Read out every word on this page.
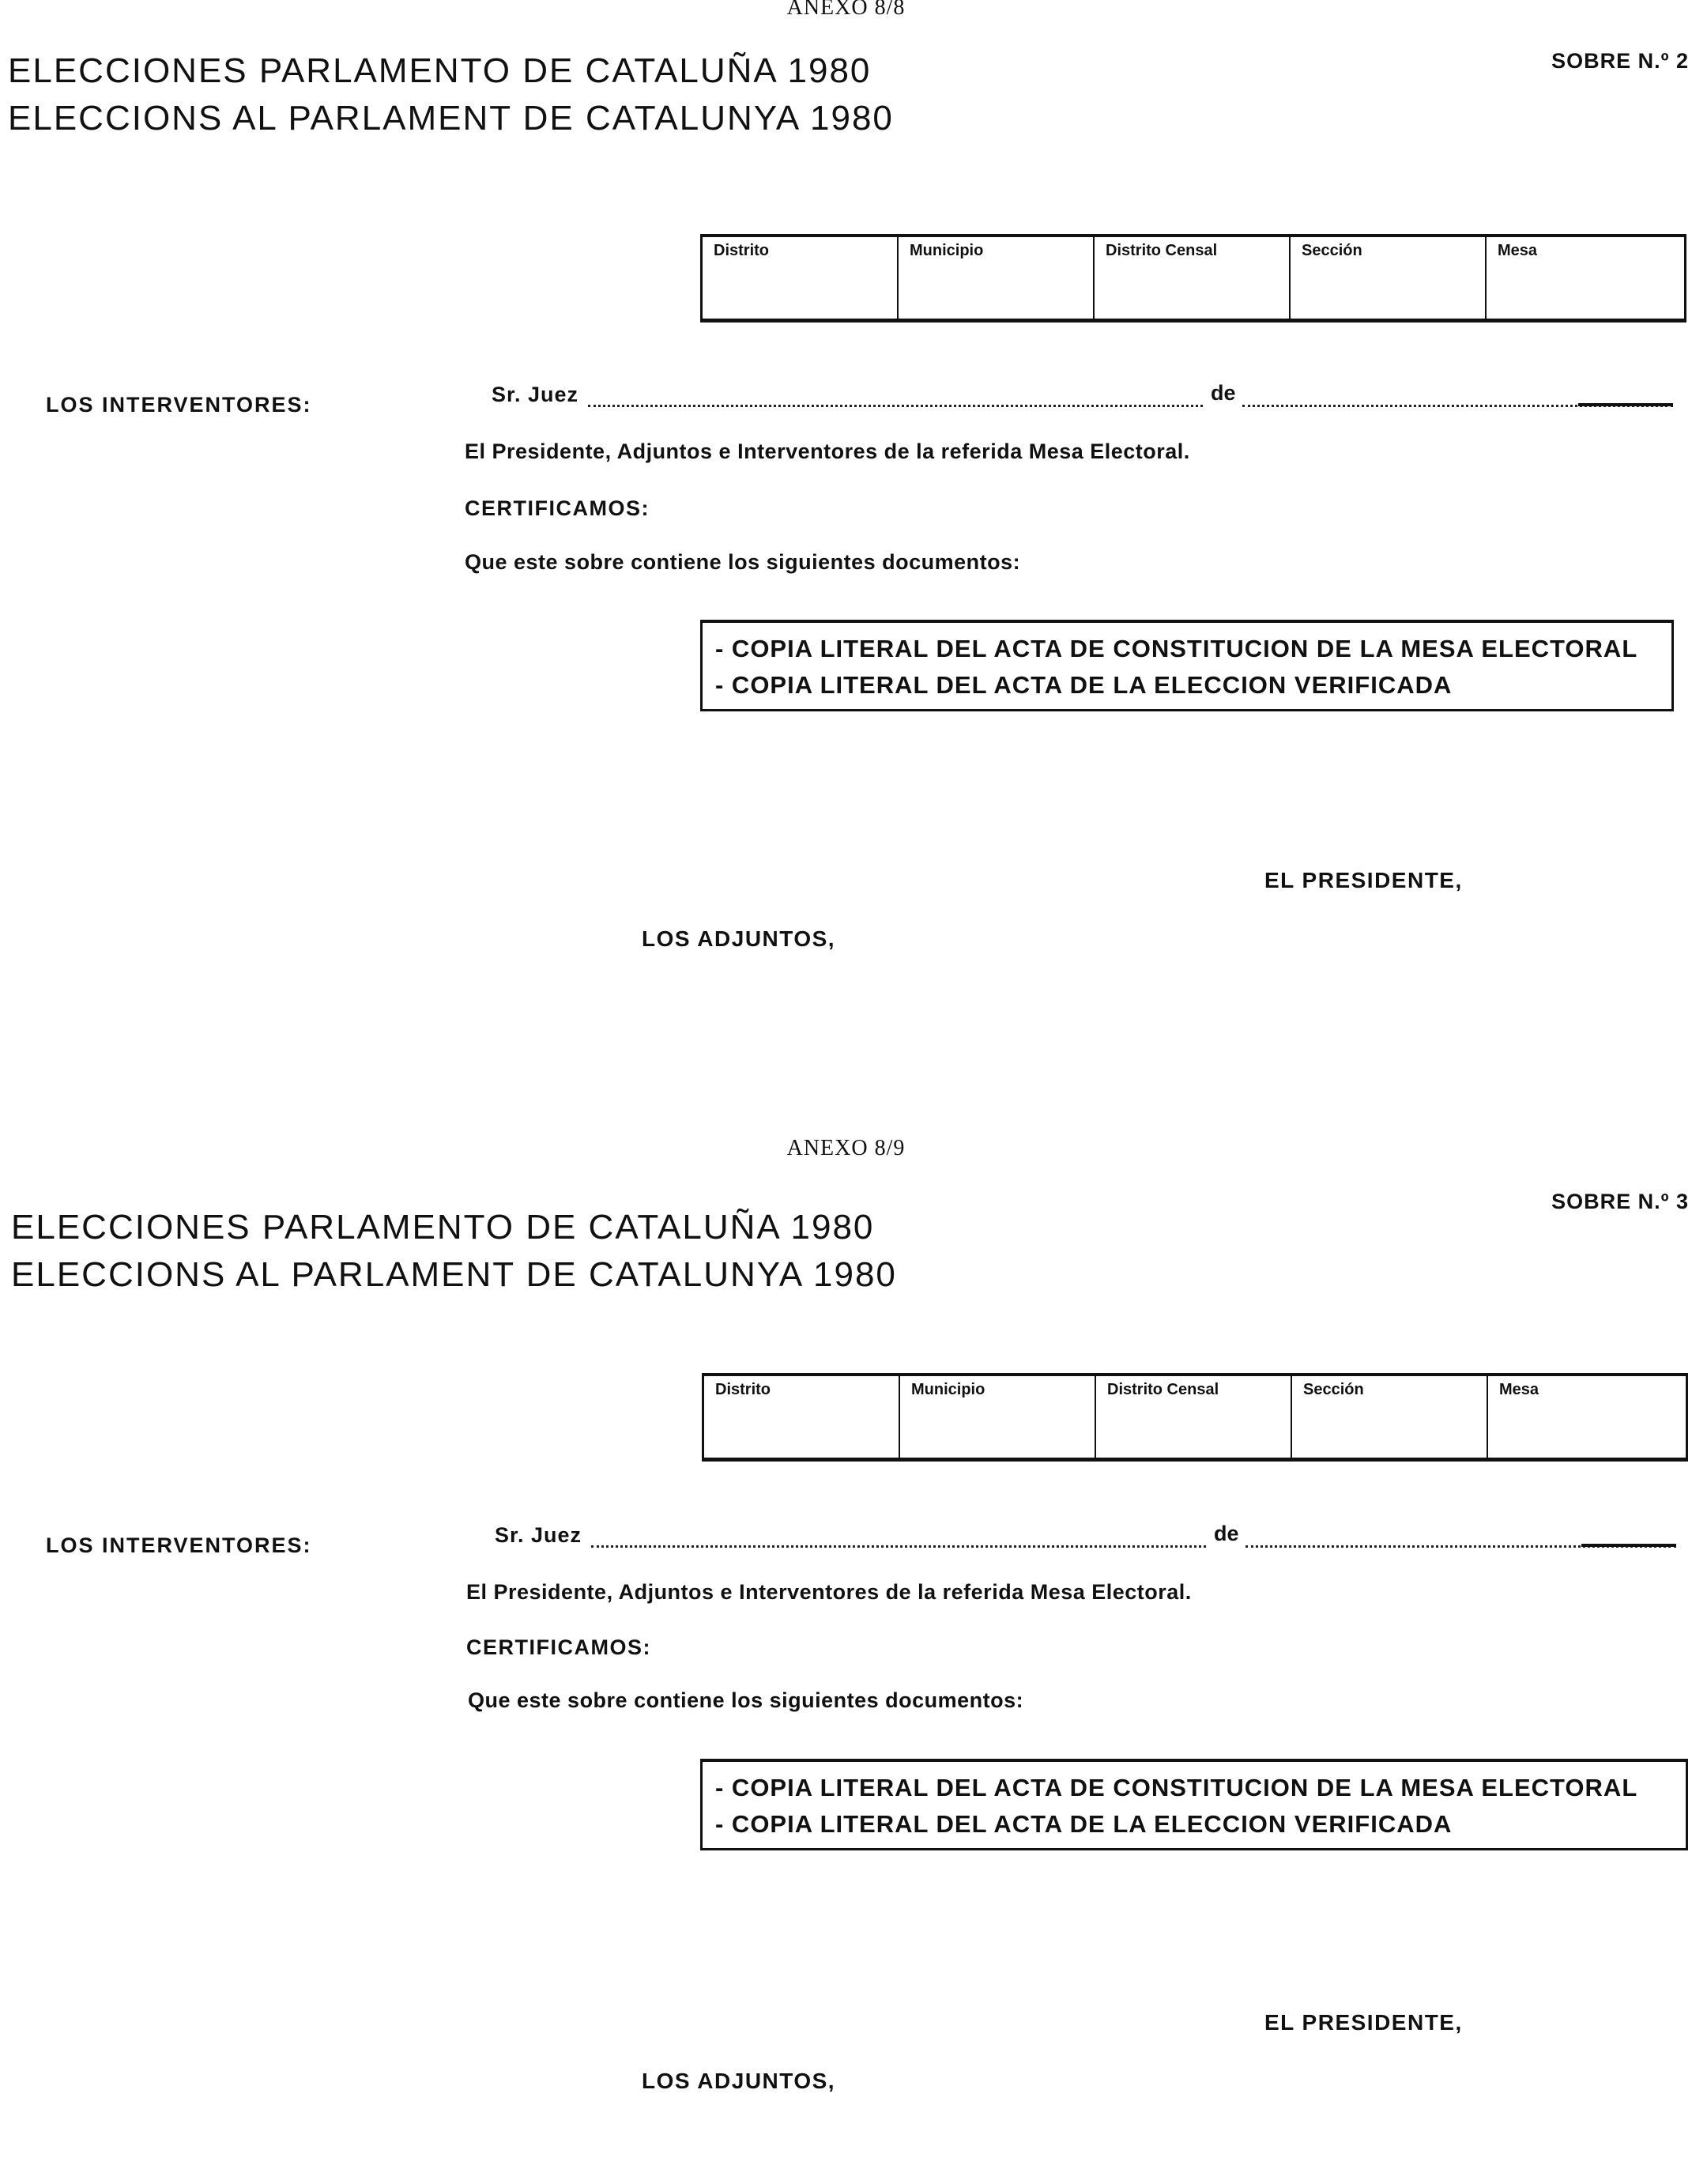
ANEXO 8/8
ELECCIONES PARLAMENTO DE CATALUÑA 1980
ELECCIONS AL PARLAMENT DE CATALUNYA 1980
SOBRE N.º 2
Distrito	Municipio	Distrito Censal	Sección	Mesa
LOS INTERVENTORES:	Sr. Juez	de
El Presidente, Adjuntos e Interventores de la referida Mesa Electoral.
CERTIFICAMOS:
Que este sobre contiene los siguientes documentos:
- COPIA LITERAL DEL ACTA DE CONSTITUCION DE LA MESA ELECTORAL
- COPIA LITERAL DEL ACTA DE LA ELECCION VERIFICADA
EL PRESIDENTE,
LOS ADJUNTOS,
ANEXO 8/9
ELECCIONES PARLAMENTO DE CATALUÑA 1980
ELECCIONS AL PARLAMENT DE CATALUNYA 1980
SOBRE N.º 3
Distrito	Municipio	Distrito Censal	Sección	Mesa
LOS INTERVENTORES:	Sr. Juez	de
El Presidente, Adjuntos e Interventores de la referida Mesa Electoral.
CERTIFICAMOS:
Que este sobre contiene los siguientes documentos:
- COPIA LITERAL DEL ACTA DE CONSTITUCION DE LA MESA ELECTORAL
- COPIA LITERAL DEL ACTA DE LA ELECCION VERIFICADA
EL PRESIDENTE,
LOS ADJUNTOS,
